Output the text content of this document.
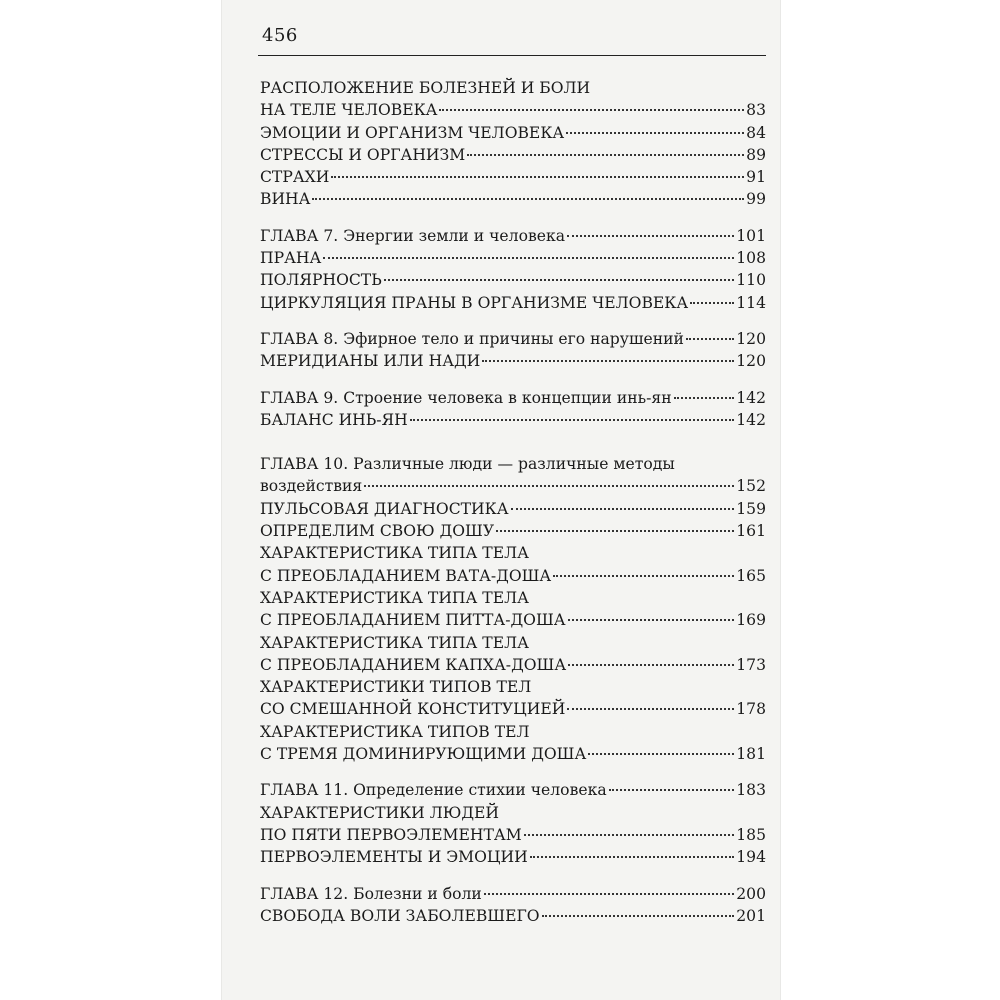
456
РАСПОЛОЖЕНИЕ БОЛЕЗНЕЙ И БОЛИ
НА ТЕЛЕ ЧЕЛОВЕКА	83
ЭМОЦИИ И ОРГАНИЗМ ЧЕЛОВЕКА	84
СТРЕССЫ И ОРГАНИЗМ	89
СТРАХИ	91
ВИНА	99
ГЛАВА 7. Энергии земли и человека	101
ПРАНА	108
ПОЛЯРНОСТЬ	110
ЦИРКУЛЯЦИЯ ПРАНЫ В ОРГАНИЗМЕ ЧЕЛОВЕКА	114
ГЛАВА 8. Эфирное тело и причины его нарушений	120
МЕРИДИАНЫ ИЛИ НАДИ	120
ГЛАВА 9. Строение человека в концепции инь-ян	142
БАЛАНС ИНЬ-ЯН	142
ГЛАВА 10. Различные люди — различные методы
воздействия	152
ПУЛЬСОВАЯ ДИАГНОСТИКА	159
ОПРЕДЕЛИМ СВОЮ ДОШУ	161
ХАРАКТЕРИСТИКА ТИПА ТЕЛА
С ПРЕОБЛАДАНИЕМ ВАТА-ДОША	165
ХАРАКТЕРИСТИКА ТИПА ТЕЛА
С ПРЕОБЛАДАНИЕМ ПИТТА-ДОША	169
ХАРАКТЕРИСТИКА ТИПА ТЕЛА
С ПРЕОБЛАДАНИЕМ КАПХА-ДОША	173
ХАРАКТЕРИСТИКИ ТИПОВ ТЕЛ
СО СМЕШАННОЙ КОНСТИТУЦИЕЙ	178
ХАРАКТЕРИСТИКА ТИПОВ ТЕЛ
С ТРЕМЯ ДОМИНИРУЮЩИМИ ДОША	181
ГЛАВА 11. Определение стихии человека	183
ХАРАКТЕРИСТИКИ ЛЮДЕЙ
ПО ПЯТИ ПЕРВОЭЛЕМЕНТАМ	185
ПЕРВОЭЛЕМЕНТЫ И ЭМОЦИИ	194
ГЛАВА 12. Болезни и боли	200
СВОБОДА ВОЛИ ЗАБОЛЕВШЕГО	201
